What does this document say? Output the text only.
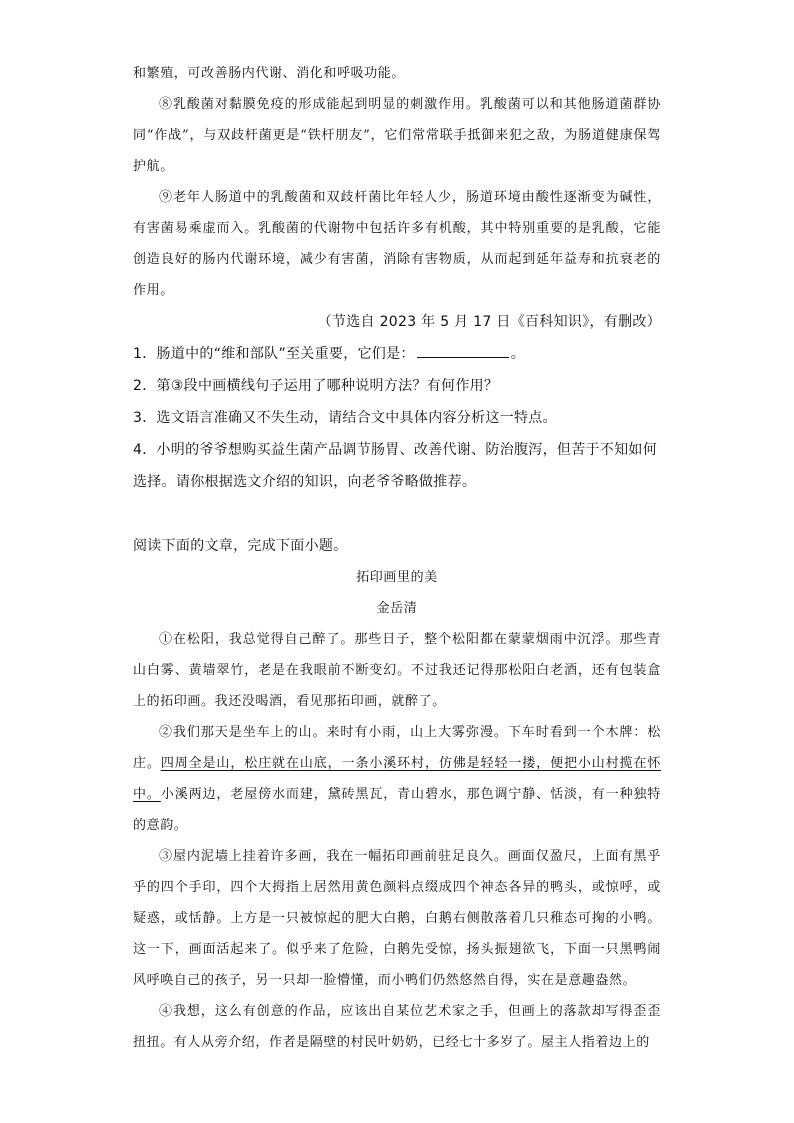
和繁殖，可改善肠内代谢、消化和呼吸功能。

⑧乳酸菌对黏膜免疫的形成能起到明显的刺激作用。乳酸菌可以和其他肠道菌群协同“作战”，与双歧杆菌更是“铁杆朋友”，它们常常联手抵御来犯之敌，为肠道健康保驾护航。

⑨老年人肠道中的乳酸菌和双歧杆菌比年轻人少，肠道环境由酸性逐渐变为碱性，有害菌易乘虚而入。乳酸菌的代谢物中包括许多有机酸，其中特别重要的是乳酸，它能创造良好的肠内代谢环境，减少有害菌，消除有害物质，从而起到延年益寿和抗衰老的作用。

（节选自 2023 年 5 月 17 日《百科知识》，有删改）

1．肠道中的“维和部队”至关重要，它们是：	。

2．第③段中画横线句子运用了哪种说明方法？有何作用？

3．选文语言准确又不失生动，请结合文中具体内容分析这一特点。

4．小明的爷爷想购买益生菌产品调节肠胃、改善代谢、防治腹泻，但苦于不知如何选择。请你根据选文介绍的知识，向老爷爷略做推荐。

阅读下面的文章，完成下面小题。

拓印画里的美

金岳清

①在松阳，我总觉得自己醉了。那些日子，整个松阳都在蒙蒙烟雨中沉浮。那些青山白雾、黄墙翠竹，老是在我眼前不断变幻。不过我还记得那松阳白老酒，还有包装盒上的拓印画。我还没喝酒，看见那拓印画，就醉了。

②我们那天是坐车上的山。来时有小雨，山上大雾弥漫。下车时看到一个木牌：松庄。四周全是山，松庄就在山底，一条小溪环村，仿佛是轻轻一搂，便把小山村揽在怀中。小溪两边，老屋傍水而建，黛砖黑瓦，青山碧水，那色调宁静、恬淡，有一种独特的意韵。

③屋内泥墙上挂着许多画，我在一幅拓印画前驻足良久。画面仅盈尺，上面有黑乎乎的四个手印，四个大拇指上居然用黄色颜料点缀成四个神态各异的鸭头，或惊呼，或疑惑，或恬静。上方是一只被惊起的肥大白鹅，白鹅右侧散落着几只稚态可掬的小鸭。这一下，画面活起来了。似乎来了危险，白鹅先受惊，扬头振翅欲飞，下面一只黑鸭闹风呼唤自己的孩子，另一只却一脸懵懂，而小鸭们仍然悠然自得，实在是意趣盎然。

④我想，这么有创意的作品，应该出自某位艺术家之手，但画上的落款却写得歪歪扭扭。有人从旁介绍，作者是隔壁的村民叶奶奶，已经七十多岁了。屋主人指着边上的
